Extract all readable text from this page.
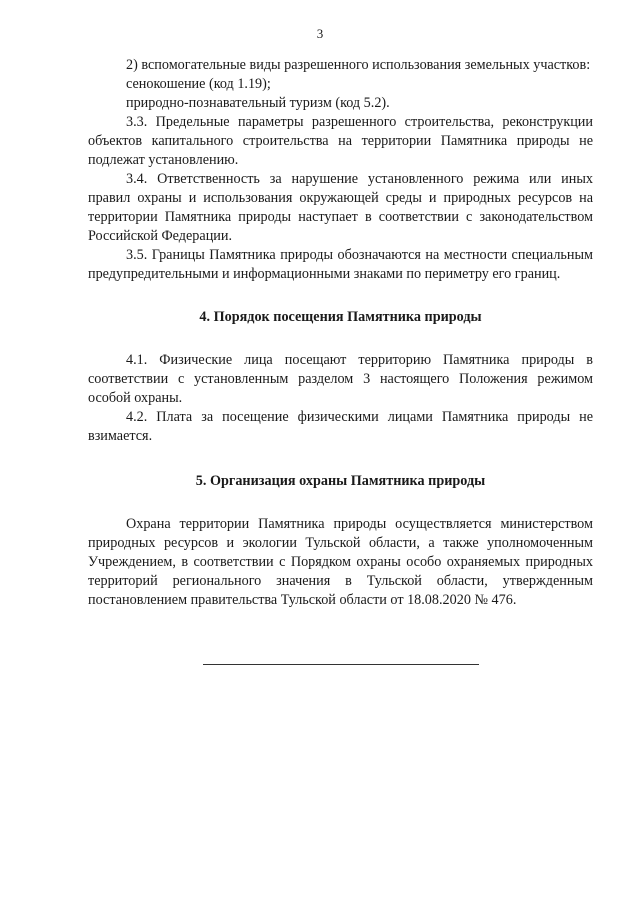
3

2) вспомогательные виды разрешенного использования земельных участков:

сенокошение (код 1.19);

природно-познавательный туризм (код 5.2).

3.3. Предельные параметры разрешенного строительства, реконструкции объектов капитального строительства на территории Памятника природы не подлежат установлению.

3.4. Ответственность за нарушение установленного режима или иных правил охраны и использования окружающей среды и природных ресурсов на территории Памятника природы наступает в соответствии с законодательством Российской Федерации.

3.5. Границы Памятника природы обозначаются на местности специальным предупредительными и информационными знаками по периметру его границ.

4. Порядок посещения Памятника природы

4.1. Физические лица посещают территорию Памятника природы в соответствии с установленным разделом 3 настоящего Положения режимом особой охраны.

4.2. Плата за посещение физическими лицами Памятника природы не взимается.

5. Организация охраны Памятника природы

Охрана территории Памятника природы осуществляется министерством природных ресурсов и экологии Тульской области, а также уполномоченным Учреждением, в соответствии с Порядком охраны особо охраняемых природных территорий регионального значения в Тульской области, утвержденным постановлением правительства Тульской области от 18.08.2020 № 476.
